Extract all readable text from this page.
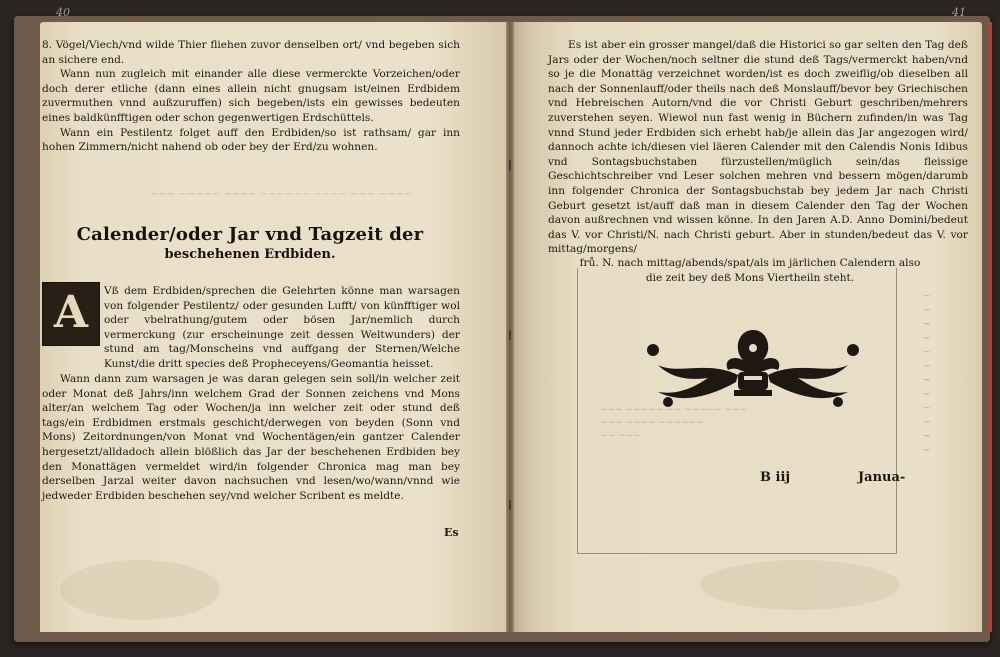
40	41

8. Vögel/Viech/vnd wilde Thier fliehen zuvor denselben ort/ vnd begeben sich an sichere end.

Wann nun zugleich mit einander alle diese vermerckte Vorzeichen/oder doch derer etliche (dann eines allein nicht gnugsam ist/einen Erdbidem zuvermuthen vnnd außzuruffen) sich begeben/ists ein gewisses bedeuten eines baldkünfftigen oder schon gegenwertigen Erdschüttels.

Wann ein Pestilentz folget auff den Erdbiden/so ist rathsam/ gar inn hohen Zimmern/nicht nahend ob oder bey der Erd/zu wohnen.

~~~ ~~~~~ ~~~~ ~~~~~~ ~~~~ ~~~ ~~~~
Calender/oder Jar vnd Tagzeit der
beschehenen Erdbiden.
A	Vß dem Erdbiden/sprechen die Gelehrten könne man warsagen von folgender Pestilentz/ oder gesunden Lufft/ von künfftiger wol oder vbelrathung/gutem oder bösen Jar/nemlich durch vermerckung (zur erscheinunge zeit dessen Weltwunders) der stund am tag/Monscheins vnd auffgang der Sternen/Welche Kunst/die dritt species deß Propheceyens/Geomantia heisset.
Wann dann zum warsagen je was daran gelegen sein soll/in welcher zeit oder Monat deß Jahrs/inn welchem Grad der Sonnen zeichens vnd Mons alter/an welchem Tag oder Wochen/ja inn welcher zeit oder stund deß tags/ein Erdbidmen erstmals geschicht/derwegen von beyden (Sonn vnd Mons) Zeitordnungen/von Monat vnd Wochentägen/ein gantzer Calender hergesetzt/alldadoch allein blößlich das Jar der beschehenen Erdbiden bey den Monattägen vermeldet wird/in folgender Chronica mag man bey derselben Jarzal weiter davon nachsuchen vnd lesen/wo/wann/vnnd wie jedweder Erdbiden beschehen sey/vnd welcher Scribent es meldte.
Es
Es ist aber ein grosser mangel/daß die Historici so gar selten den Tag deß Jars oder der Wochen/noch seltner die stund deß Tags/vermerckt haben/vnd so je die Monattäg verzeichnet worden/ist es doch zweiflig/ob dieselben all nach der Sonnenlauff/oder theils nach deß Monslauff/bevor bey Griechischen vnd Hebreischen Autorn/vnd die vor Christi Geburt geschriben/mehrers zuverstehen seyen. Wiewol nun fast wenig in Büchern zufinden/in was Tag vnnd Stund jeder Erdbiden sich erhebt hab/je allein das Jar angezogen wird/ dannoch achte ich/diesen viel läeren Calender mit den Calendis Nonis Idibus vnd Sontagsbuchstaben fürzustellen/müglich sein/das fleissige Geschichtschreiber vnd Leser solchen mehren vnd bessern mögen/darumb inn folgender Chronica der Sontagsbuchstab bey jedem Jar nach Christi Geburt gesetzt ist/auff daß man in diesem Calender den Tag der Wochen davon außrechnen vnd wissen könne. In den Jaren A.D. Anno Domini/bedeut das V. vor Christi/N. nach Christi geburt. Aber in stunden/bedeut das V. vor mittag/morgens/
frů. N. nach mittag/abends/spat/als im järlichen Calendern also die zeit bey deß Mons Viertheiln steht.
~~~ ~~~~~ ~~ ~~~~~ ~~~
~~~ ~~~~ ~~~~~~
~~ ~~~
~
~
~
~
~
~
~
~
~
~
~
~
B iij	Janua-
